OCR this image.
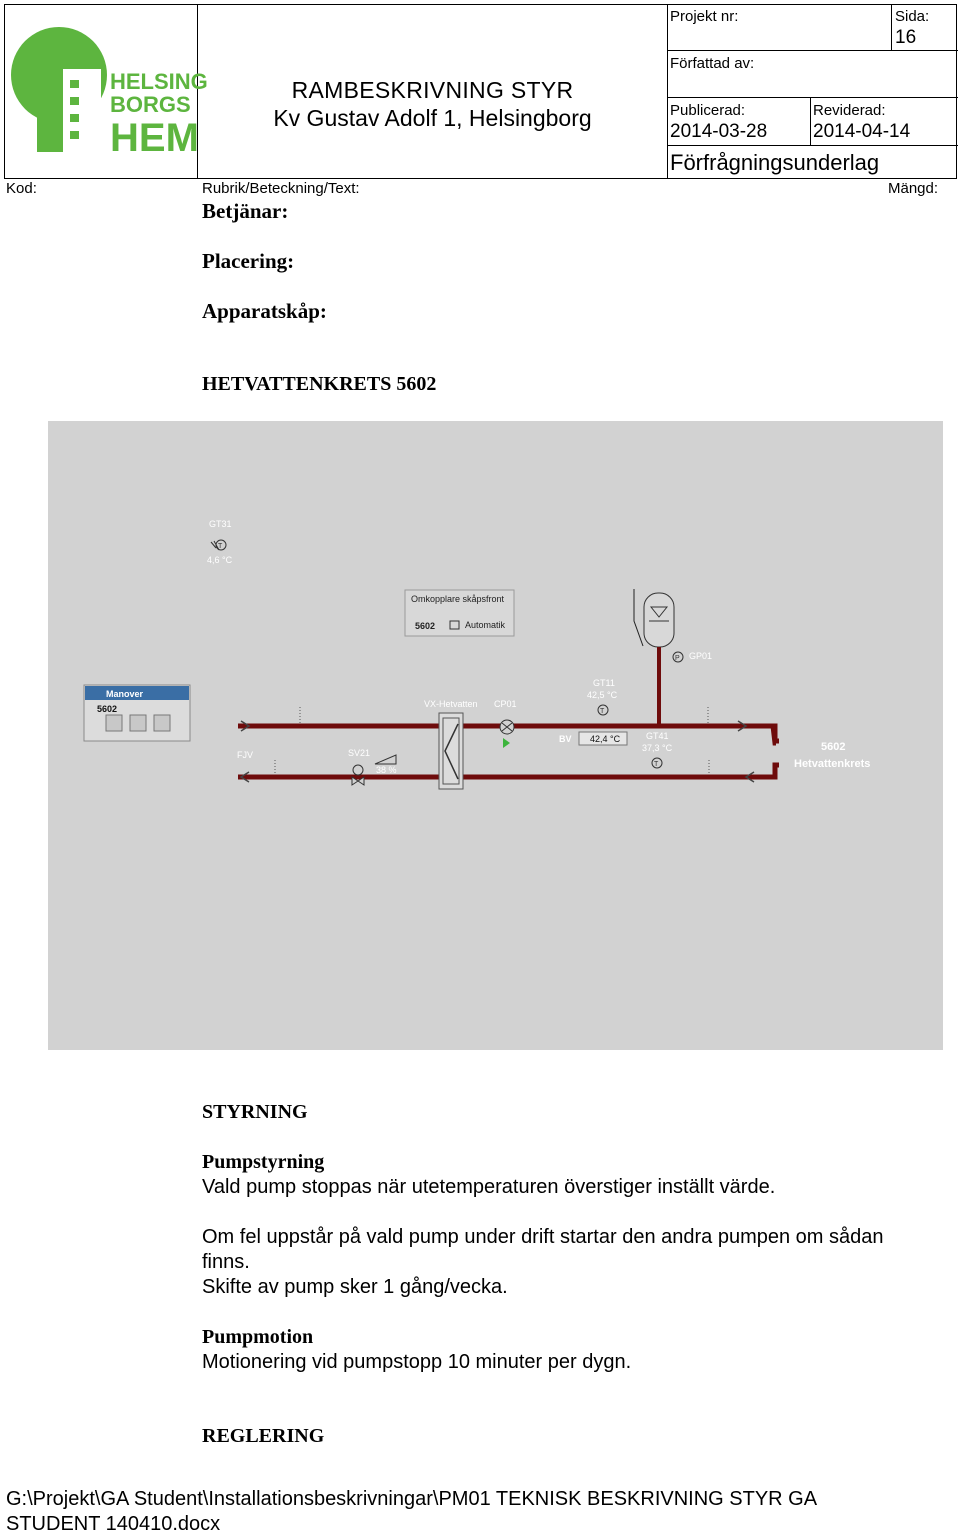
HELSING
BORGS
HEM
RAMBESKRIVNING STYR
Kv Gustav Adolf 1, Helsingborg
Projekt nr:	Sida:
16
Författad av:
Publicerad:
2014-03-28
Reviderad:
2014-04-14
Förfrågningsunderlag
Kod:	Rubrik/Beteckning/Text:	Mängd:
Betjänar:
Placering:
Apparatskåp:
HETVATTENKRETS 5602
GT31
T
4,6 °C
Omkopplare skåpsfront
5602	Automatik
Manover
5602
P GP01
FJV	SV21
38 %
VX-Hetvatten CP01
GT11
42,5 °C
T
BV 42,4 °C	GT41
37,3 °C
T
5602
Hetvattenkrets
STYRNING
Pumpstyrning
Vald pump stoppas när utetemperaturen överstiger inställt värde.
Om fel uppstår på vald pump under drift startar den andra pumpen om sådan
finns.
Skifte av pump sker 1 gång/vecka.
Pumpmotion
Motionering vid pumpstopp 10 minuter per dygn.
REGLERING
G:\Projekt\GA Student\Installationsbeskrivningar\PM01 TEKNISK BESKRIVNING STYR GA
STUDENT 140410.docx
